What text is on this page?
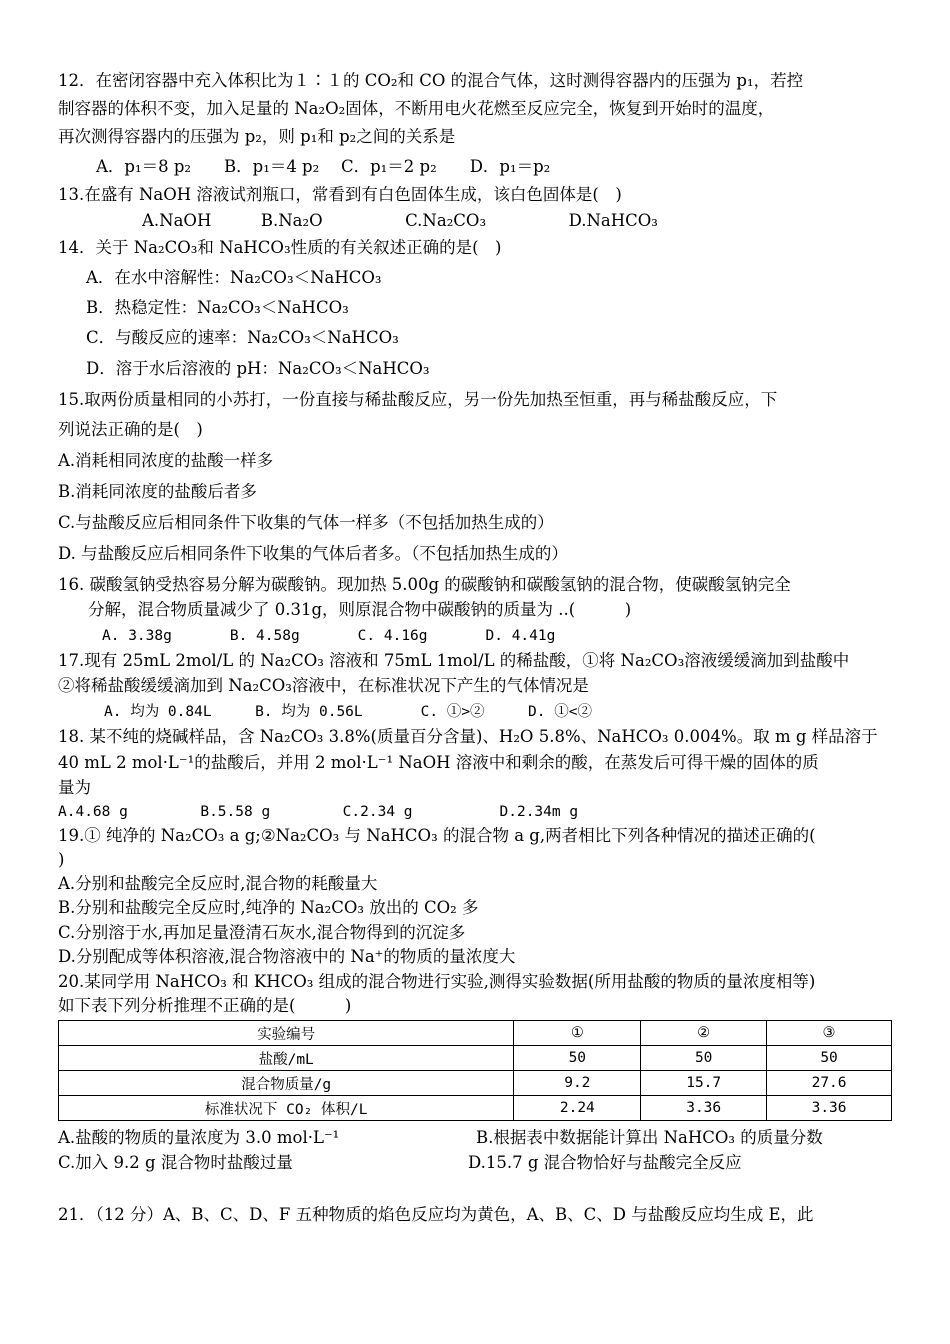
12．在密闭容器中充入体积比为１∶１的 CO₂和 CO 的混合气体，这时测得容器内的压强为 p₁，若控
制容器的体积不变，加入足量的 Na₂O₂固体，不断用电火花燃至反应完全，恢复到开始时的温度，
再次测得容器内的压强为 p₂，则 p₁和 p₂之间的关系是
A．p₁＝8 p₂　　B．p₁＝4 p₂　 C．p₁＝2 p₂　　D．p₁＝p₂
13.在盛有 NaOH 溶液试剂瓶口，常看到有白色固体生成，该白色固体是(　)
A.NaOH　　　B.Na₂O　　　　　C.Na₂CO₃　　　　　D.NaHCO₃
14．关于 Na₂CO₃和 NaHCO₃性质的有关叙述正确的是(　)
A．在水中溶解性：Na₂CO₃＜NaHCO₃
B．热稳定性：Na₂CO₃＜NaHCO₃
C．与酸反应的速率：Na₂CO₃＜NaHCO₃
D．溶于水后溶液的 pH：Na₂CO₃＜NaHCO₃
15.取两份质量相同的小苏打，一份直接与稀盐酸反应，另一份先加热至恒重，再与稀盐酸反应，下
列说法正确的是(　)
A.消耗相同浓度的盐酸一样多
B.消耗同浓度的盐酸后者多
C.与盐酸反应后相同条件下收集的气体一样多（不包括加热生成的）
D. 与盐酸反应后相同条件下收集的气体后者多。（不包括加热生成的）
16. 碳酸氢钠受热容易分解为碳酸钠。现加热 5.00g 的碳酸钠和碳酸氢钠的混合物，使碳酸氢钠完全
分解，混合物质量减少了 0.31g，则原混合物中碳酸钠的质量为 ..(　　　)
A. 3.38g　　　　B. 4.58g　　　　C. 4.16g　　　　D. 4.41g
17.现有 25mL 2mol/L 的 Na₂CO₃ 溶液和 75mL 1mol/L 的稀盐酸，①将 Na₂CO₃溶液缓缓滴加到盐酸中
②将稀盐酸缓缓滴加到 Na₂CO₃溶液中，在标准状况下产生的气体情况是
A. 均为 0.84L　　　B. 均为 0.56L　　　　C. ①>②　　　D. ①<②
18. 某不纯的烧碱样品，含 Na₂CO₃ 3.8%(质量百分含量)、H₂O 5.8%、NaHCO₃ 0.004%。取 m g 样品溶于
40 mL 2 mol·L⁻¹的盐酸后，并用 2 mol·L⁻¹ NaOH 溶液中和剩余的酸，在蒸发后可得干燥的固体的质
量为
A.4.68 g　　　　　B.5.58 g　　　　　C.2.34 g　　　　　　D.2.34m g
19.① 纯净的 Na₂CO₃ a g;②Na₂CO₃ 与 NaHCO₃ 的混合物 a g,两者相比下列各种情况的描述正确的(
)
A.分别和盐酸完全反应时,混合物的耗酸量大
B.分别和盐酸完全反应时,纯净的 Na₂CO₃ 放出的 CO₂ 多
C.分别溶于水,再加足量澄清石灰水,混合物得到的沉淀多
D.分别配成等体积溶液,混合物溶液中的 Na⁺的物质的量浓度大
20.某同学用 NaHCO₃ 和 KHCO₃ 组成的混合物进行实验,测得实验数据(所用盐酸的物质的量浓度相等)
如下表下列分析推理不正确的是(　　　)
实验编号	①	②	③
盐酸/mL	50	50	50
混合物质量/g	9.2	15.7	27.6
标准状况下 CO₂ 体积/L	2.24	3.36	3.36
A.盐酸的物质的量浓度为 3.0 mol·L⁻¹	B.根据表中数据能计算出 NaHCO₃ 的质量分数
C.加入 9.2 g 混合物时盐酸过量	D.15.7 g 混合物恰好与盐酸完全反应
21．（12 分）A、B、C、D、F 五种物质的焰色反应均为黄色，A、B、C、D 与盐酸反应均生成 E，此
